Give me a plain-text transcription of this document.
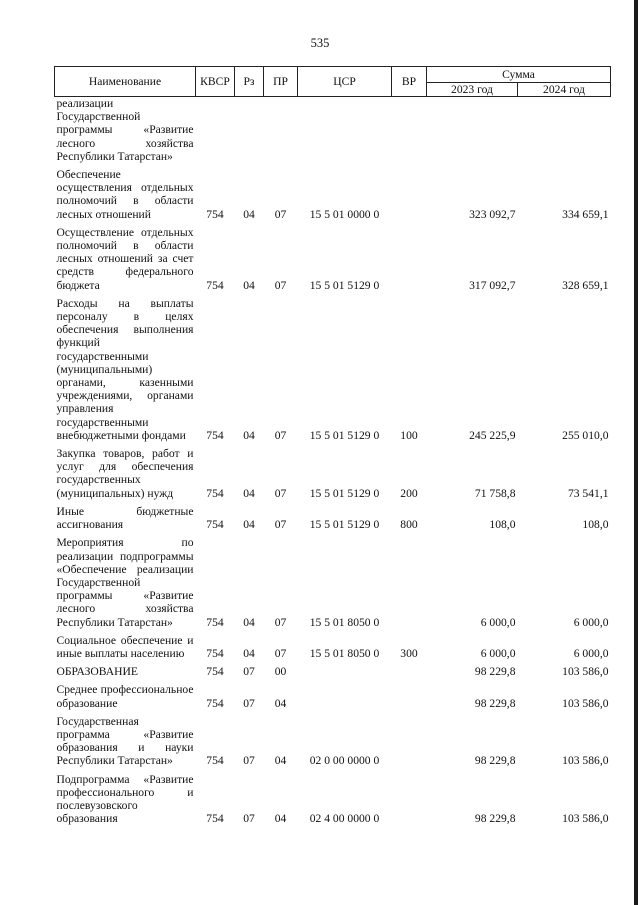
535
Наименование	КВСР	Рз	ПР	ЦСР	ВР	Сумма	
						2023 год	2024 год
реализации Государственной программы «Развитие лесного хозяйства Республики Татарстан»							
Обеспечение осуществления отдельных полномочий в области лесных отношений	754	04	07	15 5 01 0000 0		323 092,7	334 659,1
Осуществление отдельных полномочий в области лесных отношений за счет средств федерального бюджета	754	04	07	15 5 01 5129 0		317 092,7	328 659,1
Расходы на выплаты персоналу в целях обеспечения выполнения функций государственными (муниципальными) органами, казенными учреждениями, органами управления государственными внебюджетными фондами	754	04	07	15 5 01 5129 0	100	245 225,9	255 010,0
Закупка товаров, работ и услуг для обеспечения государственных (муниципальных) нужд	754	04	07	15 5 01 5129 0	200	71 758,8	73 541,1
Иные бюджетные ассигнования	754	04	07	15 5 01 5129 0	800	108,0	108,0
Мероприятия по реализации подпрограммы «Обеспечение реализации Государственной программы «Развитие лесного хозяйства Республики Татарстан»	754	04	07	15 5 01 8050 0		6 000,0	6 000,0
Социальное обеспечение и иные выплаты населению	754	04	07	15 5 01 8050 0	300	6 000,0	6 000,0
ОБРАЗОВАНИЕ	754	07	00			98 229,8	103 586,0
Среднее профессиональное образование	754	07	04			98 229,8	103 586,0
Государственная программа «Развитие образования и науки Республики Татарстан»	754	07	04	02 0 00 0000 0		98 229,8	103 586,0
Подпрограмма «Развитие профессионального и послевузовского образования	754	07	04	02 4 00 0000 0		98 229,8	103 586,0
